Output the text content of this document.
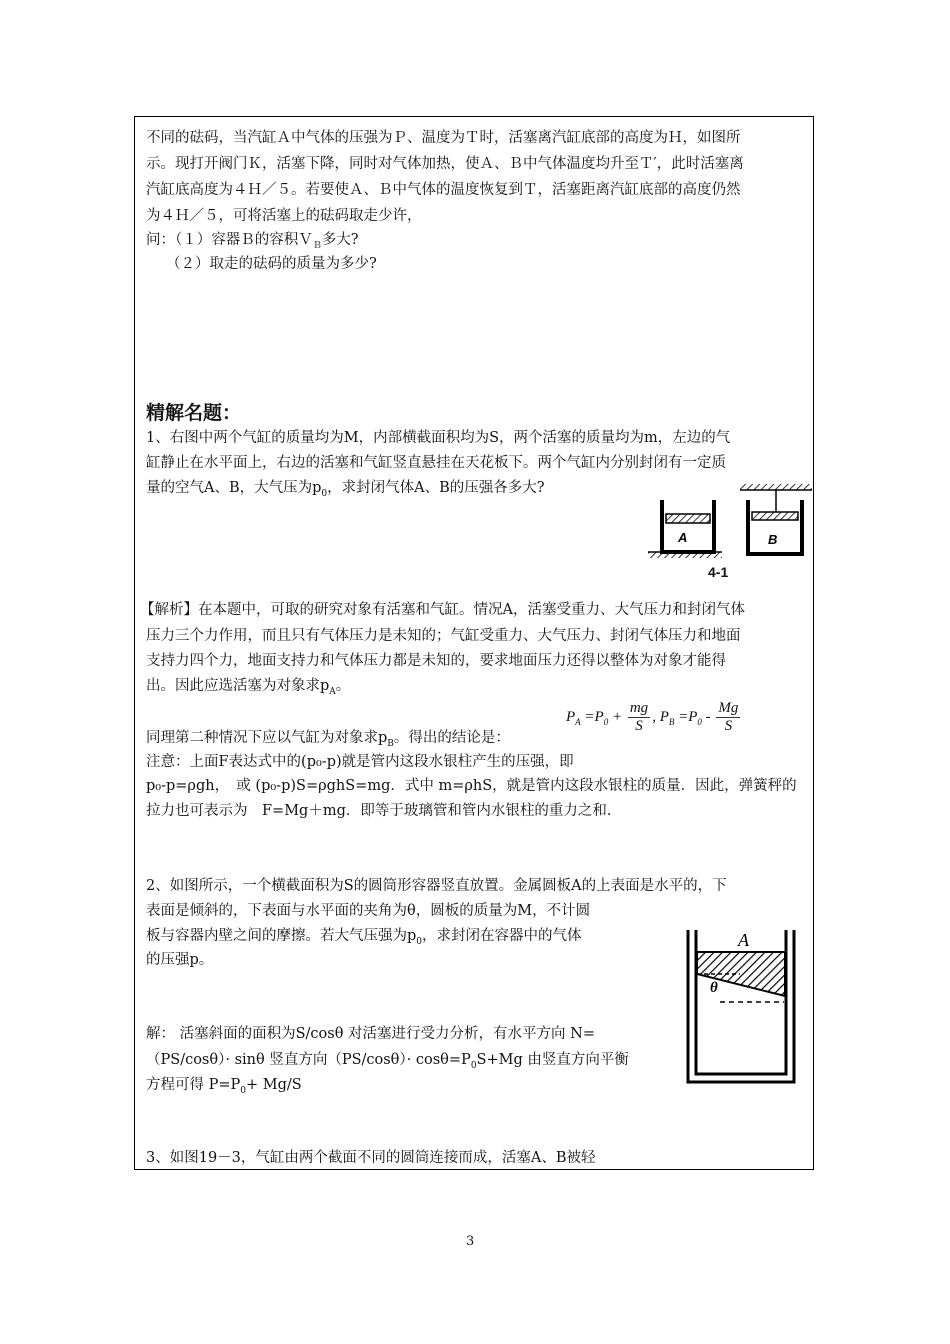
不同的砝码，当汽缸Ａ中气体的压强为Ｐ、温度为Ｔ时，活塞离汽缸底部的高度为Ｈ，如图所

示。现打开阀门Ｋ，活塞下降，同时对气体加热，使Ａ、Ｂ中气体温度均升至Ｔ′，此时活塞离

汽缸底高度为４Ｈ／５。若要使Ａ、Ｂ中气体的温度恢复到Ｔ，活塞距离汽缸底部的高度仍然

为４Ｈ／５，可将活塞上的砝码取走少许，

问：（１）容器Ｂ的容积Ｖ$_B$多大?

（２）取走的砝码的质量为多少?

精解名题：

1、右图中两个气缸的质量均为M，内部横截面积均为S，两个活塞的质量均为m，左边的气

缸静止在水平面上，右边的活塞和气缸竖直悬挂在天花板下。两个气缸内分别封闭有一定质

量的空气A、B，大气压为$p_0$，求封闭气体A、B的压强各多大?

A	B
4-1

【解析】在本题中，可取的研究对象有活塞和气缸。情况A，活塞受重力、大气压力和封闭气体

压力三个力作用，而且只有气体压力是未知的；气缸受重力、大气压力、封闭气体压力和地面

支持力四个力，地面支持力和气体压力都是未知的，要求地面压力还得以整体为对象才能得

出。因此应选活塞为对象求$p_A$。

同理第二种情况下应以气缸为对象求$p_B$。得出的结论是：

$P_A =P_0 + \frac{mg}{S}$ , $P_B =P_0 - \frac{Mg}{S}$

注意：上面F表达式中的(p₀-p)就是管内这段水银柱产生的压强，即

p₀-p=ρgh，　或 (p₀-p)S=ρghS=mg．式中 m=ρhS，就是管内这段水银柱的质量．因此，弹簧秤的

拉力也可表示为　F=Mg＋mg．即等于玻璃管和管内水银柱的重力之和．

2、如图所示，一个横截面积为S的圆筒形容器竖直放置。金属圆板A的上表面是水平的，下

表面是倾斜的，下表面与水平面的夹角为θ，圆板的质量为M，不计圆

板与容器内壁之间的摩擦。若大气压强为$p_0$，求封闭在容器中的气体

的压强p。

A
θ

解： 活塞斜面的面积为S/cosθ 对活塞进行受力分析，有水平方向 N=

（PS/cosθ）· sinθ 竖直方向$(PS/\cos\theta)\cdot \cos\theta=P_0S+Mg$ 由竖直方向平衡

方程可得 $P=P_0+ Mg/S$

3、如图19－3，气缸由两个截面不同的圆筒连接而成，活塞A、B被轻

3
